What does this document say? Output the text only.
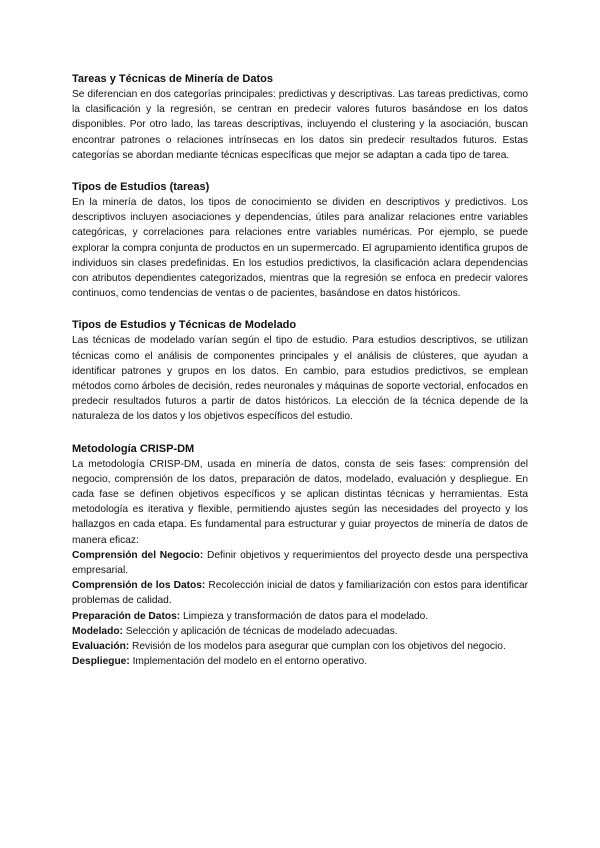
Tareas y Técnicas de Minería de Datos

Se diferencian en dos categorías principales: predictivas y descriptivas. Las tareas predictivas, como la clasificación y la regresión, se centran en predecir valores futuros basándose en los datos disponibles. Por otro lado, las tareas descriptivas, incluyendo el clustering y la asociación, buscan encontrar patrones o relaciones intrínsecas en los datos sin predecir resultados futuros. Estas categorías se abordan mediante técnicas específicas que mejor se adaptan a cada tipo de tarea.

Tipos de Estudios (tareas)

En la minería de datos, los tipos de conocimiento se dividen en descriptivos y predictivos. Los descriptivos incluyen asociaciones y dependencias, útiles para analizar relaciones entre variables categóricas, y correlaciones para relaciones entre variables numéricas. Por ejemplo, se puede explorar la compra conjunta de productos en un supermercado. El agrupamiento identifica grupos de individuos sin clases predefinidas. En los estudios predictivos, la clasificación aclara dependencias con atributos dependientes categorizados, mientras que la regresión se enfoca en predecir valores continuos, como tendencias de ventas o de pacientes, basándose en datos históricos.

Tipos de Estudios y Técnicas de Modelado

Las técnicas de modelado varían según el tipo de estudio. Para estudios descriptivos, se utilizan técnicas como el análisis de componentes principales y el análisis de clústeres, que ayudan a identificar patrones y grupos en los datos. En cambio, para estudios predictivos, se emplean métodos como árboles de decisión, redes neuronales y máquinas de soporte vectorial, enfocados en predecir resultados futuros a partir de datos históricos. La elección de la técnica depende de la naturaleza de los datos y los objetivos específicos del estudio.

Metodología CRISP-DM

La metodología CRISP-DM, usada en minería de datos, consta de seis fases: comprensión del negocio, comprensión de los datos, preparación de datos, modelado, evaluación y despliegue. En cada fase se definen objetivos específicos y se aplican distintas técnicas y herramientas. Esta metodología es iterativa y flexible, permitiendo ajustes según las necesidades del proyecto y los hallazgos en cada etapa. Es fundamental para estructurar y guiar proyectos de minería de datos de manera eficaz:

Comprensión del Negocio: Definir objetivos y requerimientos del proyecto desde una perspectiva empresarial.

Comprensión de los Datos: Recolección inicial de datos y familiarización con estos para identificar problemas de calidad.

Preparación de Datos: Limpieza y transformación de datos para el modelado.

Modelado: Selección y aplicación de técnicas de modelado adecuadas.

Evaluación: Revisión de los modelos para asegurar que cumplan con los objetivos del negocio.

Despliegue: Implementación del modelo en el entorno operativo.
